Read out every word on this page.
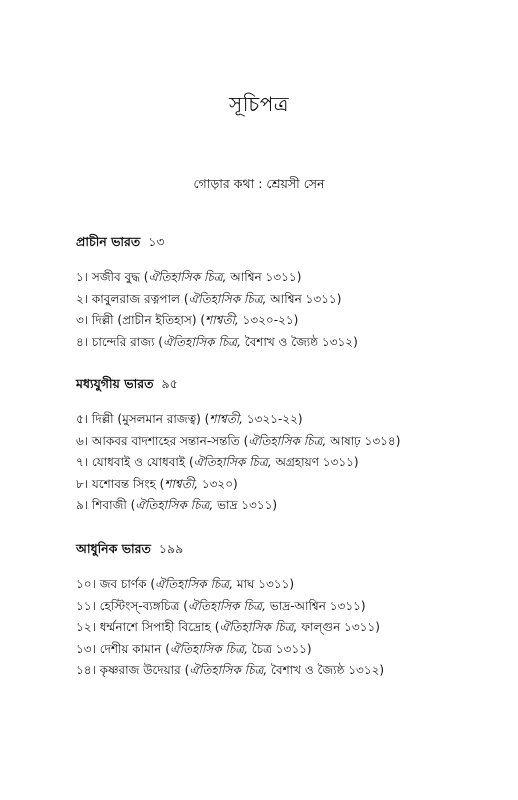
সূচিপত্র
গোড়ার কথা : শ্রেয়সী সেন
প্রাচীন ভারত ১৩
১। সজীব বুদ্ধ (ঐতিহাসিক চিত্র, আশ্বিন ১৩১১)
২। কাবুলরাজ রত্নপাল (ঐতিহাসিক চিত্র, আশ্বিন ১৩১১)
৩। দিল্লী (প্রাচীন ইতিহাস) (শাশ্বতী, ১৩২০-২১)
৪। চান্দেরি রাজ্য (ঐতিহাসিক চিত্র, বৈশাখ ও জ্যৈষ্ঠ ১৩১২)
মধ্যযুগীয় ভারত ৯৫
৫। দিল্লী (মুসলমান রাজত্ব) (শাশ্বতী, ১৩২১-২২)
৬। আকবর বাদশাহের সন্তান-সন্ততি (ঐতিহাসিক চিত্র, আষাঢ় ১৩১৪)
৭। যোধবাই ও যোধবাই (ঐতিহাসিক চিত্র, অগ্রহায়ণ ১৩১১)
৮। যশোবন্ত সিংহ (শাশ্বতী, ১৩২০)
৯। শিবাজী (ঐতিহাসিক চিত্র, ভাদ্র ১৩১১)
আধুনিক ভারত ১৯৯
১০। জব চার্ণক (ঐতিহাসিক চিত্র, মাঘ ১৩১১)
১১। হেস্টিংস্-ব্যঙ্গচিত্র (ঐতিহাসিক চিত্র, ভাদ্র-আশ্বিন ১৩১১)
১২। ধর্ম্মনাশে সিপাহী বিদ্রোহ (ঐতিহাসিক চিত্র, ফাল্গুন ১৩১১)
১৩। দেশীয় কামান (ঐতিহাসিক চিত্র, চৈত্র ১৩১১)
১৪। কৃষ্ণরাজ উদেয়ার (ঐতিহাসিক চিত্র, বৈশাখ ও জ্যৈষ্ঠ ১৩১২)
